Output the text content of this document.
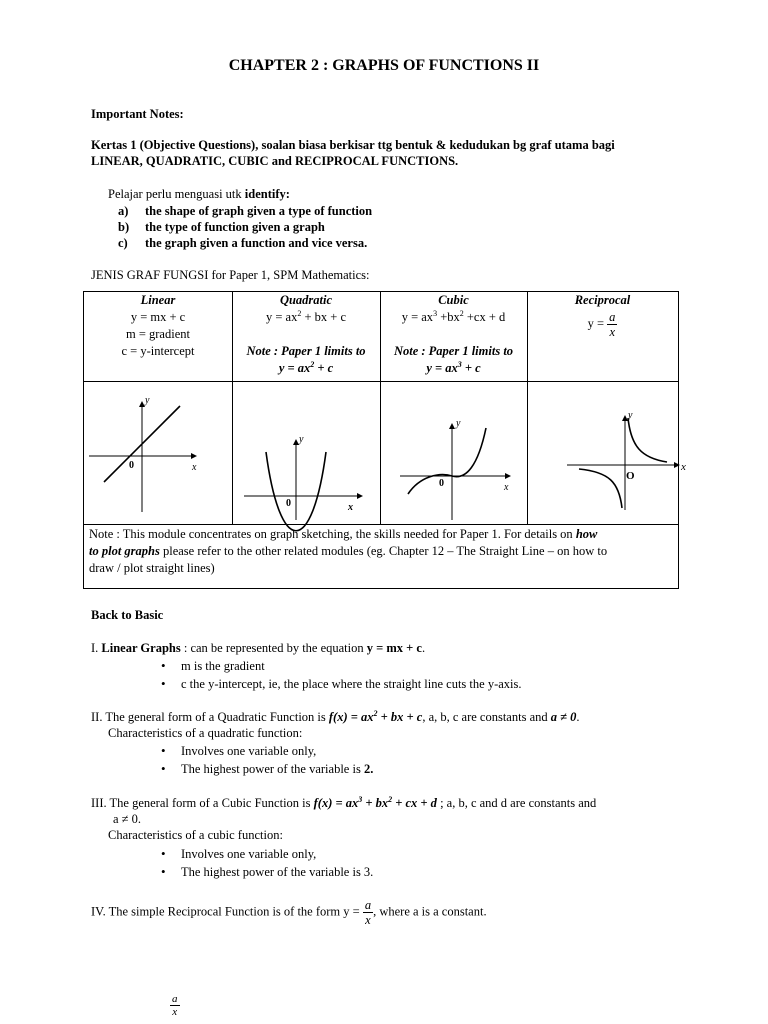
CHAPTER 2 : GRAPHS OF FUNCTIONS II
Important Notes:
Kertas 1 (Objective Questions), soalan biasa berkisar ttg bentuk & kedudukan bg graf utama bagi
LINEAR, QUADRATIC, CUBIC and RECIPROCAL FUNCTIONS.
Pelajar perlu menguasi utk identify:
a) the shape of graph given a type of function
b) the type of function given a graph
c) the graph given a function and vice versa.
JENIS GRAF FUNGSI for Paper 1, SPM Mathematics:
Linear
y = mx + c
m = gradient
c = y-intercept
Quadratic
$y = ax^2$ + bx + c
Note : Paper 1 limits to
$y = ax^2 + c$
Cubic
$y = ax^3 +bx^2 +cx + d$
Note : Paper 1 limits to
$y = ax^3 + c$
Reciprocal
$y = \frac{a}{x}$
y
x
0
y
x
0
y
x
0
y
x
O
Note : This module concentrates on graph sketching, the skills needed for Paper 1. For details on how
to plot graphs please refer to the other related modules (eg. Chapter 12 – The Straight Line – on how to
draw / plot straight lines)
Back to Basic
I. Linear Graphs : can be represented by the equation y = mx + c.
• m is the gradient
• c the y-intercept, ie, the place where the straight line cuts the y-axis.
II. The general form of a Quadratic Function is $f(x) = ax^2$ + bx + c, a, b, c are constants and a ≠ 0.
Characteristics of a quadratic function:
• Involves one variable only,
• The highest power of the variable is 2.
III. The general form of a Cubic Function is $f(x) = ax^3 + bx^2$ + cx + d ; a, b, c and d are constants and
a ≠ 0.
Characteristics of a cubic function:
• Involves one variable only,
• The highest power of the variable is 3.
IV. The simple Reciprocal Function is of the form $y = \frac{a}{x}$ , where a is a constant.
$\frac{a}{x}$
